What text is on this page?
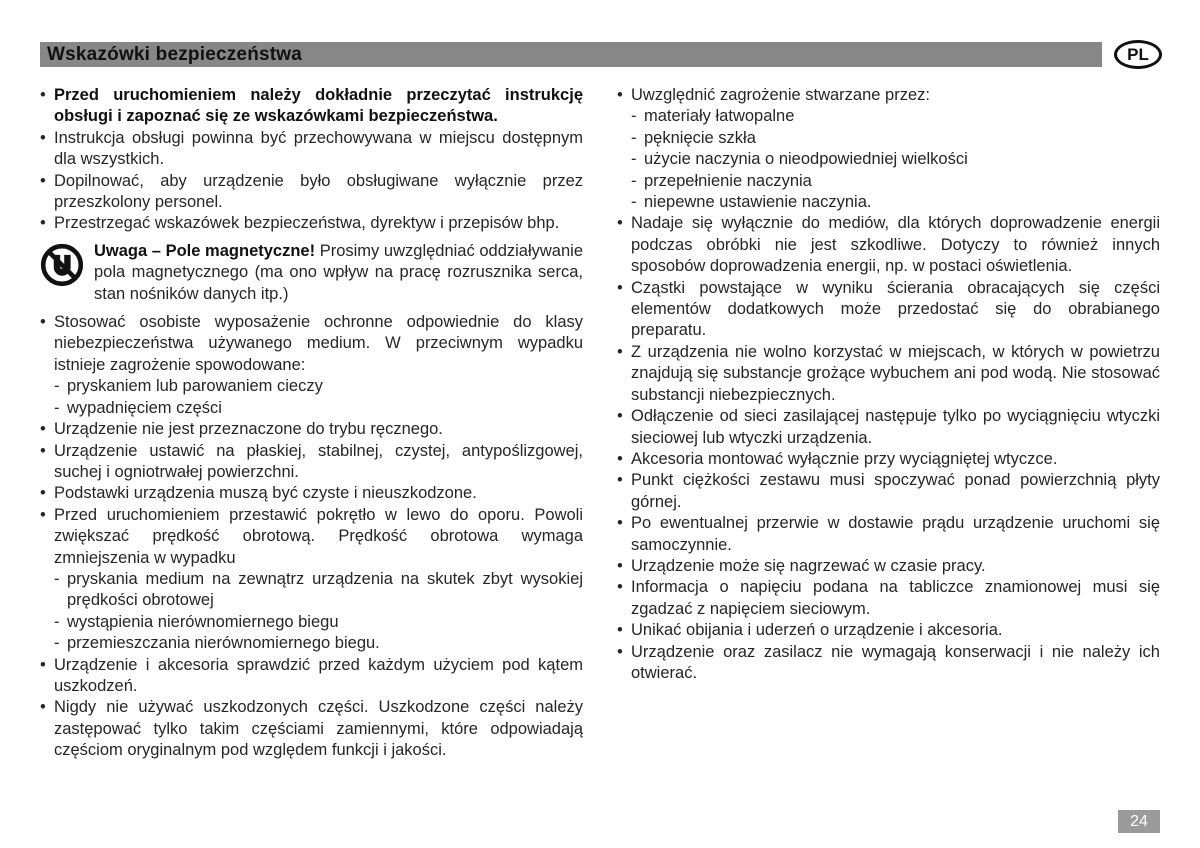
Wskazówki bezpieczeństwa	PL
• Przed uruchomieniem należy dokładnie przeczytać instrukcję obsługi i zapoznać się ze wskazówkami bezpieczeństwa.
• Instrukcja obsługi powinna być przechowywana w miejscu dostępnym dla wszystkich.
• Dopilnować, aby urządzenie było obsługiwane wyłącznie przez przeszkolony personel.
• Przestrzegać wskazówek bezpieczeństwa, dyrektyw i przepisów bhp.
Uwaga – Pole magnetyczne! Prosimy uwzględniać oddziaływanie pola magnetycznego (ma ono wpływ na pracę rozrusznika serca, stan nośników danych itp.)
• Stosować osobiste wyposażenie ochronne odpowiednie do klasy niebezpieczeństwa używanego medium. W przeciwnym wypadku istnieje zagrożenie spowodowane:
- pryskaniem lub parowaniem cieczy
- wypadnięciem części
• Urządzenie nie jest przeznaczone do trybu ręcznego.
• Urządzenie ustawić na płaskiej, stabilnej, czystej, antypoślizgowej, suchej i ogniotrwałej powierzchni.
• Podstawki urządzenia muszą być czyste i nieuszkodzone.
• Przed uruchomieniem przestawić pokrętło w lewo do oporu. Powoli zwiększać prędkość obrotową. Prędkość obrotowa wymaga zmniejszenia w wypadku
- pryskania medium na zewnątrz urządzenia na skutek zbyt wysokiej prędkości obrotowej
- wystąpienia nierównomiernego biegu
- przemieszczania nierównomiernego biegu.
• Urządzenie i akcesoria sprawdzić przed każdym użyciem pod kątem uszkodzeń.
• Nigdy nie używać uszkodzonych części. Uszkodzone części należy zastępować tylko takim częściami zamiennymi, które odpowiadają częściom oryginalnym pod względem funkcji i jakości.
• Uwzględnić zagrożenie stwarzane przez:
- materiały łatwopalne
- pęknięcie szkła
- użycie naczynia o nieodpowiedniej wielkości
- przepełnienie naczynia
- niepewne ustawienie naczynia.
• Nadaje się wyłącznie do mediów, dla których doprowadzenie energii podczas obróbki nie jest szkodliwe. Dotyczy to również innych sposobów doprowadzenia energii, np. w postaci oświetlenia.
• Cząstki powstające w wyniku ścierania obracających się części elementów dodatkowych może przedostać się do obrabianego preparatu.
• Z urządzenia nie wolno korzystać w miejscach, w których w powietrzu znajdują się substancje grożące wybuchem ani pod wodą. Nie stosować substancji niebezpiecznych.
• Odłączenie od sieci zasilającej następuje tylko po wyciągnięciu wtyczki sieciowej lub wtyczki urządzenia.
• Akcesoria montować wyłącznie przy wyciągniętej wtyczce.
• Punkt ciężkości zestawu musi spoczywać ponad powierzchnią płyty górnej.
• Po ewentualnej przerwie w dostawie prądu urządzenie uruchomi się samoczynnie.
• Urządzenie może się nagrzewać w czasie pracy.
• Informacja o napięciu podana na tabliczce znamionowej musi się zgadzać z napięciem sieciowym.
• Unikać obijania i uderzeń o urządzenie i akcesoria.
• Urządzenie oraz zasilacz nie wymagają konserwacji i nie należy ich otwierać.
24
